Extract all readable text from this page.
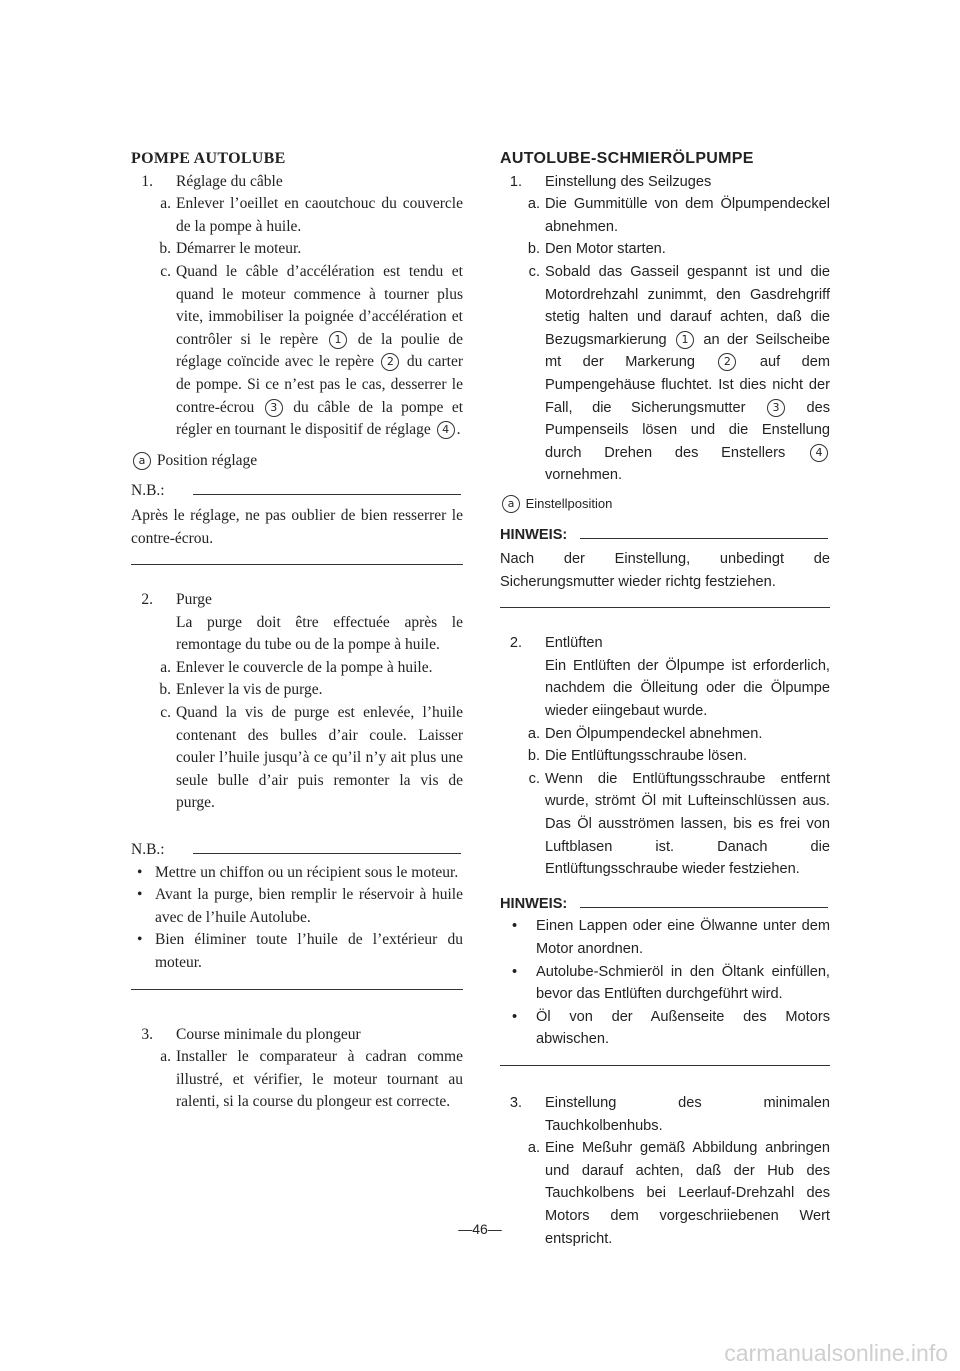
POMPE AUTOLUBE
1. Réglage du câble
a. Enlever l’oeillet en caoutchouc du couvercle de la pompe à huile.
b. Démarrer le moteur.
c. Quand le câble d’accélération est tendu et quand le moteur commence à tourner plus vite, immobiliser la poignée d’accélération et contrôler si le repère 1 de la poulie de réglage coïncide avec le repère 2 du carter de pompe. Si ce n’est pas le cas, desserrer le contre-écrou 3 du câble de la pompe et régler en tournant le dispositif de réglage 4 .
a Position réglage
N.B.:
Après le réglage, ne pas oublier de bien resserrer le contre-écrou.
2. Purge
La purge doit être effectuée après le remontage du tube ou de la pompe à huile.
a. Enlever le couvercle de la pompe à huile.
b. Enlever la vis de purge.
c. Quand la vis de purge est enlevée, l’huile contenant des bulles d’air coule. Laisser couler l’huile jusqu’à ce qu’il n’y ait plus une seule bulle d’air puis remonter la vis de purge.
N.B.:
• Mettre un chiffon ou un récipient sous le moteur.
• Avant la purge, bien remplir le réservoir à huile avec de l’huile Autolube.
• Bien éliminer toute l’huile de l’extérieur du moteur.
3. Course minimale du plongeur
a. Installer le comparateur à cadran comme illustré, et vérifier, le moteur tournant au ralenti, si la course du plongeur est correcte.
AUTOLUBE-SCHMIERÖLPUMPE
1. Einstellung des Seilzuges
a. Die Gummitülle von dem Ölpumpendeckel abnehmen.
b. Den Motor starten.
c. Sobald das Gasseil gespannt ist und die Motordrehzahl zunimmt, den Gasdrehgriff stetig halten und darauf achten, daß die Bezugsmarkierung 1 an der Seilscheibe mt der Markerung	2 auf dem Pumpengehäuse fluchtet. Ist dies nicht der Fall, die Sicherungsmutter 3 des Pumpenseils lösen und die Enstellung durch Drehen des Enstellers	4 vornehmen.
a Einstellposition
HINWEIS:
Nach der Einstellung, unbedingt de Sicherungsmutter wieder richtg festziehen.
2. Entlüften
Ein Entlüften der Ölpumpe ist erforderlich, nachdem die Ölleitung oder die Ölpumpe wieder eiingebaut wurde.
a. Den Ölpumpendeckel abnehmen.
b. Die Entlüftungsschraube lösen.
c. Wenn die Entlüftungsschraube entfernt wurde, strömt Öl mit Lufteinschlüssen aus. Das Öl ausströmen lassen, bis es frei von Luftblasen ist. Danach die Entlüftungsschraube wieder festziehen.
HINWEIS:
• Einen Lappen oder eine Ölwanne unter dem Motor anordnen.
• Autolube-Schmieröl in den Öltank einfüllen, bevor das Entlüften durchgeführt wird.
• Öl von der Außenseite des Motors abwischen.
3. Einstellung des minimalen Tauchkolbenhubs.
a. Eine Meßuhr gemäß Abbildung anbringen und darauf achten, daß der Hub des Tauchkolbens bei Leerlauf-Drehzahl des Motors dem vorgeschriiebenen Wert entspricht.
—46—
carmanualsonline.info
